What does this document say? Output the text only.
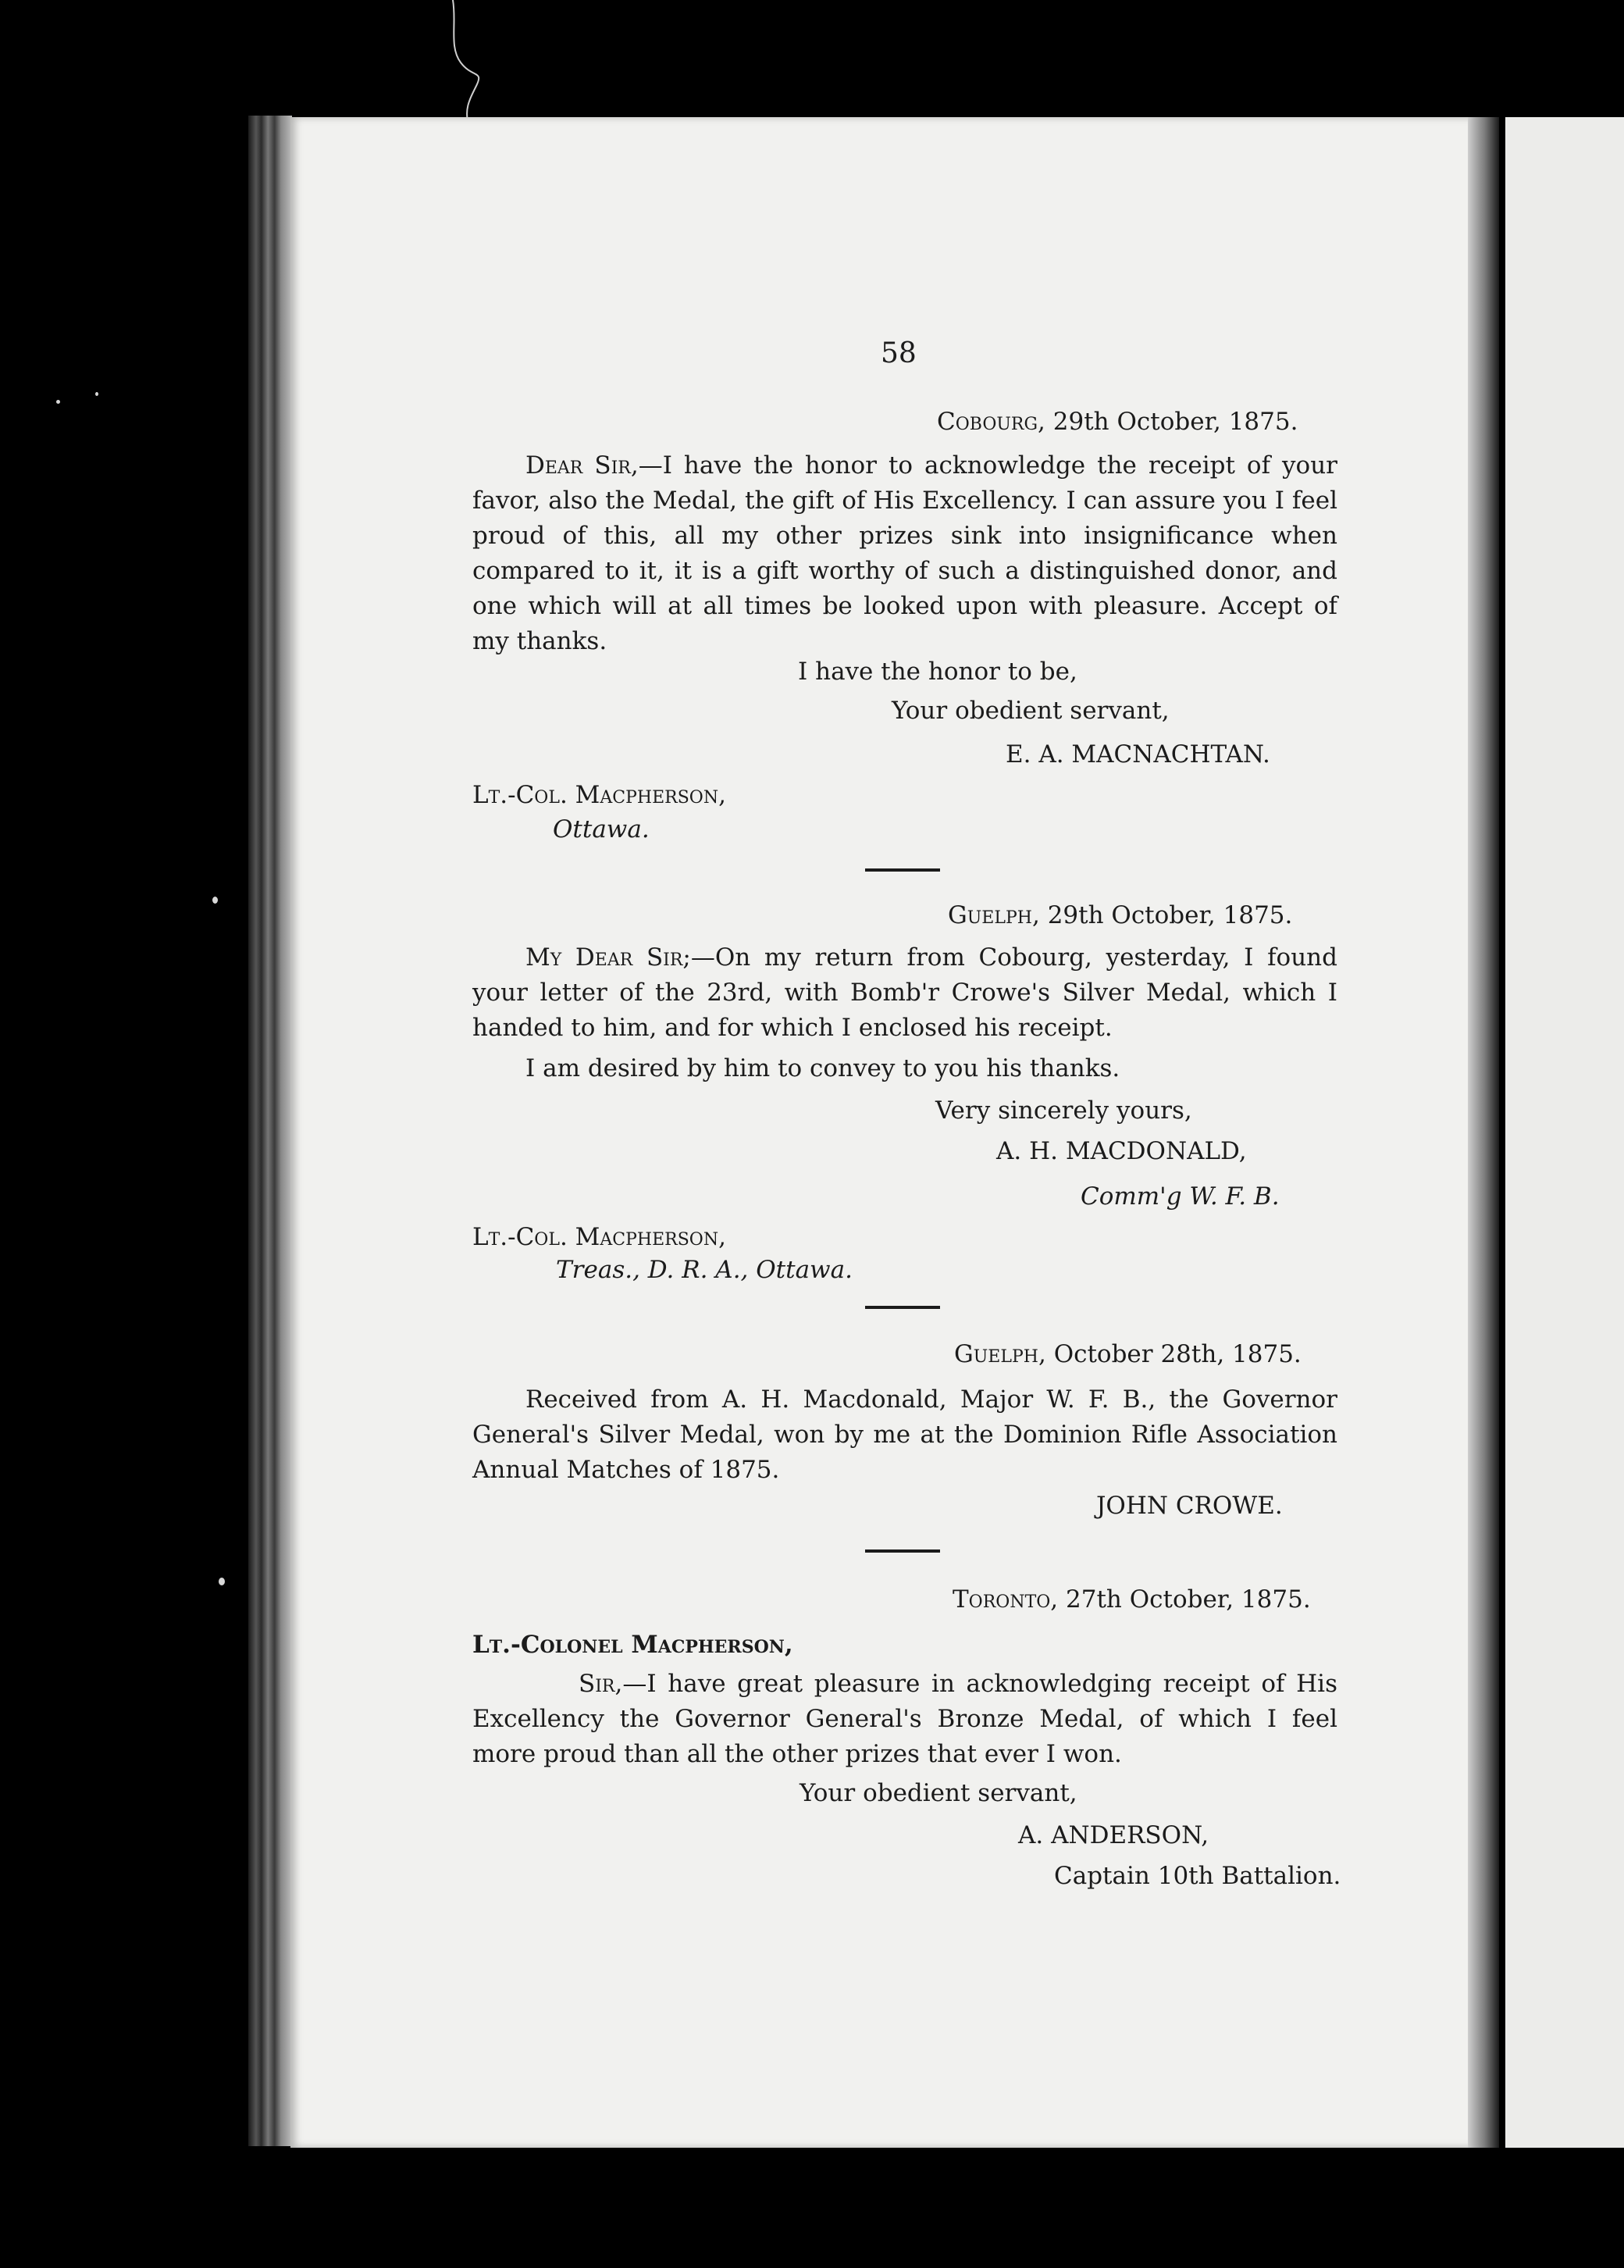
58
Cobourg, 29th October, 1875.
Dear Sir,—I have the honor to acknowledge the receipt of your favor, also the Medal, the gift of His Excellency. I can assure you I feel proud of this, all my other prizes sink into insignificance when compared to it, it is a gift worthy of such a distinguished donor, and one which will at all times be looked upon with pleasure. Accept of my thanks.
I have the honor to be,
Your obedient servant,
E. A. MACNACHTAN.
Lt.-Col. Macpherson,
Ottawa.
Guelph, 29th October, 1875.
My Dear Sir;—On my return from Cobourg, yesterday, I found your letter of the 23rd, with Bomb'r Crowe's Silver Medal, which I handed to him, and for which I enclosed his receipt.
I am desired by him to convey to you his thanks.
Very sincerely yours,
A. H. MACDONALD,
Comm'g W. F. B.
Lt.-Col. Macpherson,
Treas., D. R. A., Ottawa.
Guelph, October 28th, 1875.
Received from A. H. Macdonald, Major W. F. B., the Governor General's Silver Medal, won by me at the Dominion Rifle Association Annual Matches of 1875.
JOHN CROWE.
Toronto, 27th October, 1875.
Lt.-Colonel Macpherson,
Sir,—I have great pleasure in acknowledging receipt of His Excellency the Governor General's Bronze Medal, of which I feel more proud than all the other prizes that ever I won.
Your obedient servant,
A. ANDERSON,
Captain 10th Battalion.
